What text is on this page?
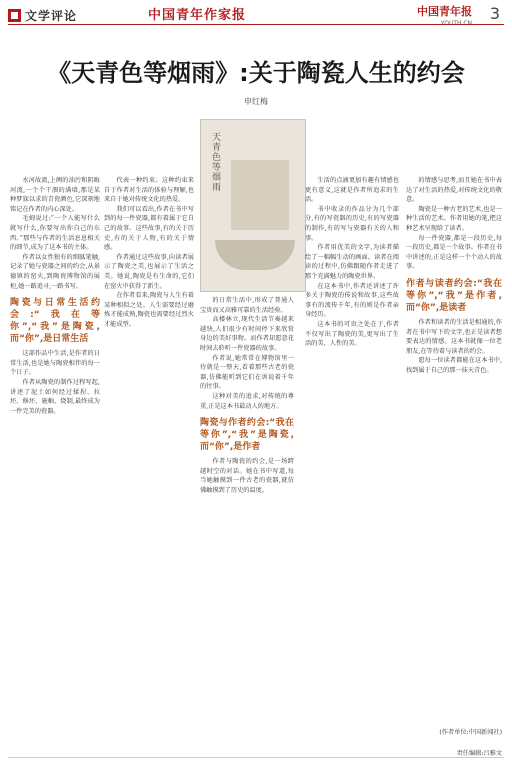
文学评论	中国青年作家报	中国青年报
YOUTH.CN
3
《天青色等烟雨》:关于陶瓷人生的约会
申红梅
天青色等烟雨

水河故流,上阙的油污和阴晦河流,一个个干涸的满墙,那是某种梦寐以求的青瓷颜色,它深刻地铭记在作者的内心深处。

毛姆说过:“一个人能写什么就写什么,你要写出你自己的东西。”那些与作者的生活息息相关的细节,成为了这本书的主体。

作者以女性独有的细腻笔触,记录了她与瓷器之间的约会,从景德镇的窑火,到陶瓷博物馆的展柜,她一路追寻,一路书写。

陶瓷与日常生活约会:“我在等你”,“我”是陶瓷,而“你”,是日常生活

这部作品中生活,是作者的日常生活,也是她与陶瓷相伴的每一个日子。

作者从陶瓷的制作过程写起,讲述了泥土如何经过揉捏、拉坯、修坯、施釉、烧制,最终成为一件完美的瓷器。

代表一种约束。这种约束来自于作者对生活的体验与理解,也来自于她对传统文化的热爱。

我们可以看出,作者在书中写到的每一件瓷器,都有着属于它自己的故事。这些故事,有的关于历史,有的关于人物,有的关于情感。

作者通过这些故事,向读者展示了陶瓷之美,也展示了生活之美。她说,陶瓷是有生命的,它们在窑火中获得了新生。

在作者看来,陶瓷与人生有着某种相似之处。人生需要经过磨炼才能成熟,陶瓷也需要经过烈火才能成型。

的日常生活中,形成了普通人宝贵而又高雅可靠的生活经验。

高楼林立,现代生活节奏越来越快,人们很少有时间停下来欣赏身边的美好事物。而作者却愿意花时间去聆听一件瓷器的故事。

作者说,她常常在博物馆里一待就是一整天,看着那些古老的瓷器,仿佛能听到它们在诉说着千年的往事。

这种对美的追求,对传统的尊重,正是这本书最动人的地方。

陶瓷与作者约会:“我在等你”,“我”是陶瓷,而“你”,是作者

作者与陶瓷的约会,是一场跨越时空的对话。她在书中写道,每当她触摸到一件古老的瓷器,就仿佛触摸到了历史的温度。

生活的点滴更加有趣有情感也更有意义,这就是作者所追求的生活。

书中收录的作品分为几个部分,有的写瓷器的历史,有的写瓷器的制作,有的写与瓷器有关的人和事。

作者用优美的文字,为读者描绘了一幅幅生动的画面。读者在阅读的过程中,仿佛跟随作者走进了那个充满魅力的陶瓷世界。

在这本书中,作者还讲述了许多关于陶瓷的传说和故事,这些故事有的流传千年,有的则是作者亲身经历。

这本书的可贵之处在于,作者不仅写出了陶瓷的美,更写出了生活的美、人性的美。

的情感与思考,而且她在书中表达了对生活的热爱,对传统文化的敬意。

陶瓷是一种古老的艺术,也是一种生活的艺术。作者用她的笔,把这种艺术呈现给了读者。

每一件瓷器,都是一段历史,每一段历史,都是一个故事。作者在书中讲述的,正是这样一个个动人的故事。

作者与读者约会:“我在等你”,“我”是作者,而“你”,是读者

作者和读者的生活是相通的,作者在书中写下的文字,也正是读者想要表达的情感。这本书就像一位老朋友,在等待着与读者的约会。

愿每一位读者都能在这本书中,找到属于自己的那一抹天青色。

(作者单位:中国新闻社)
责任编辑:吕雅文
